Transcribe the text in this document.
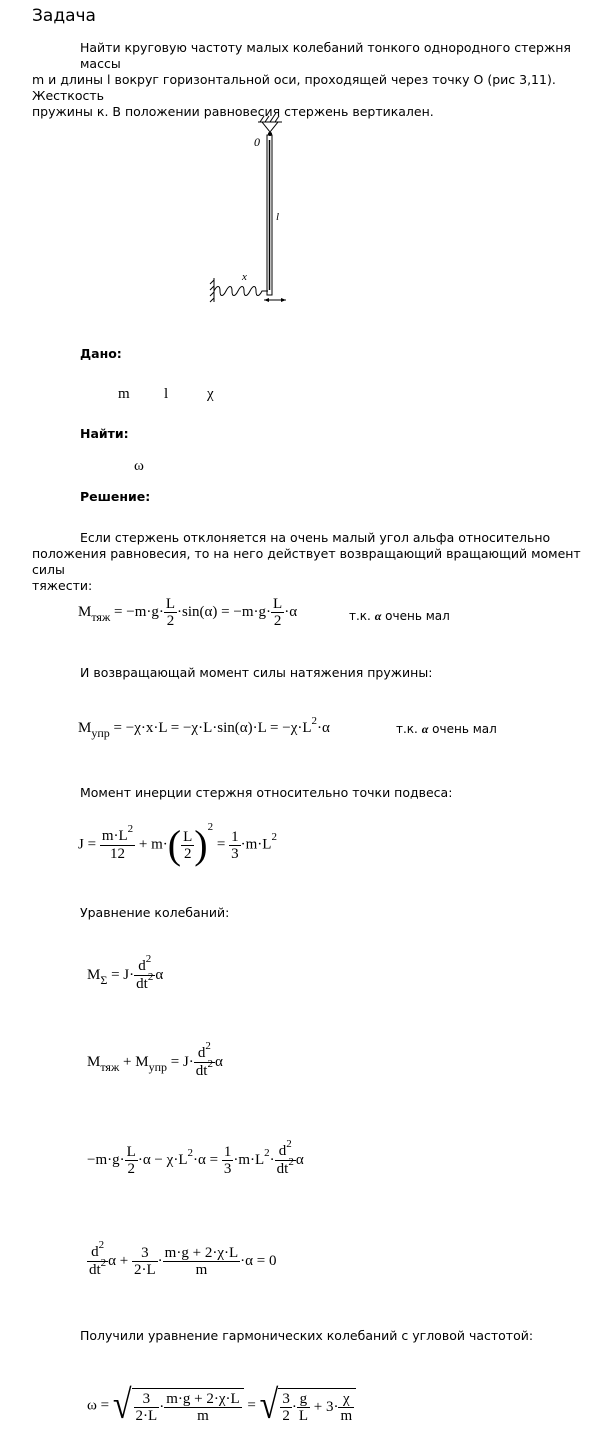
Задача
Найти круговую частоту малых колебаний тонкого однородного стержня массы
m и длины l вокруг горизонтальной оси, проходящей через точку O (рис 3,11). Жесткость
пружины к. В положении равновесия стержень вертикален.
0
l
x
Дано:
m l	χ
Найти:
ω
Решение:
Если стержень отклоняется на очень малый угол альфа относительно
положения равновесия, то на него действует возвращающий вращающий момент силы
тяжести:
$M_{тяж} = -m\cdot g\cdot \frac{L}{2} \cdot\sin(\alpha) = -m\cdot g\cdot \frac{L}{2} \cdot\alpha$	т.к. α очень мал
И возвращающай момент силы натяжения пружины:
$M_{упр} = -\chi\cdot x\cdot L = -\chi\cdot L\cdot\sin(\alpha)\cdot L = -\chi\cdot L^2\cdot\alpha$	т.к. α очень мал
Момент инерции стержня относительно точки подвеса:
$J = \frac{m\cdot L^2}{12} + m\cdot( \frac{L}{2} )^2 = \frac{1}{3} \cdot m\cdot L^2$
Уравнение колебаний:
$M_\Sigma = J\cdot \frac{d^2}{dt^2}$ α
$M_{тяж} + M_{упр} = J\cdot \frac{d^2}{dt^2}$ α
$-m\cdot g\cdot \frac{L}{2} \cdot\alpha - \chi\cdot L^2\cdot\alpha = \frac{1}{3} \cdot m\cdot L^2\cdot \frac{d^2}{dt^2}$ α
$\frac{d^2}{dt^2}$ $\alpha + \frac{3}{2\cdot L} \cdot \frac{m\cdot g + 2\cdot\chi\cdot L}{m} \cdot\alpha = 0$
Получили уравнение гармонических колебаний с угловой частотой:
ω = √ $\frac{3}{2\cdot L} \cdot \frac{m\cdot g + 2\cdot\chi\cdot L}{m}$ = √ $\frac{3}{2} \cdot \frac{g}{L} + 3\cdot \frac{\chi}{m}$
